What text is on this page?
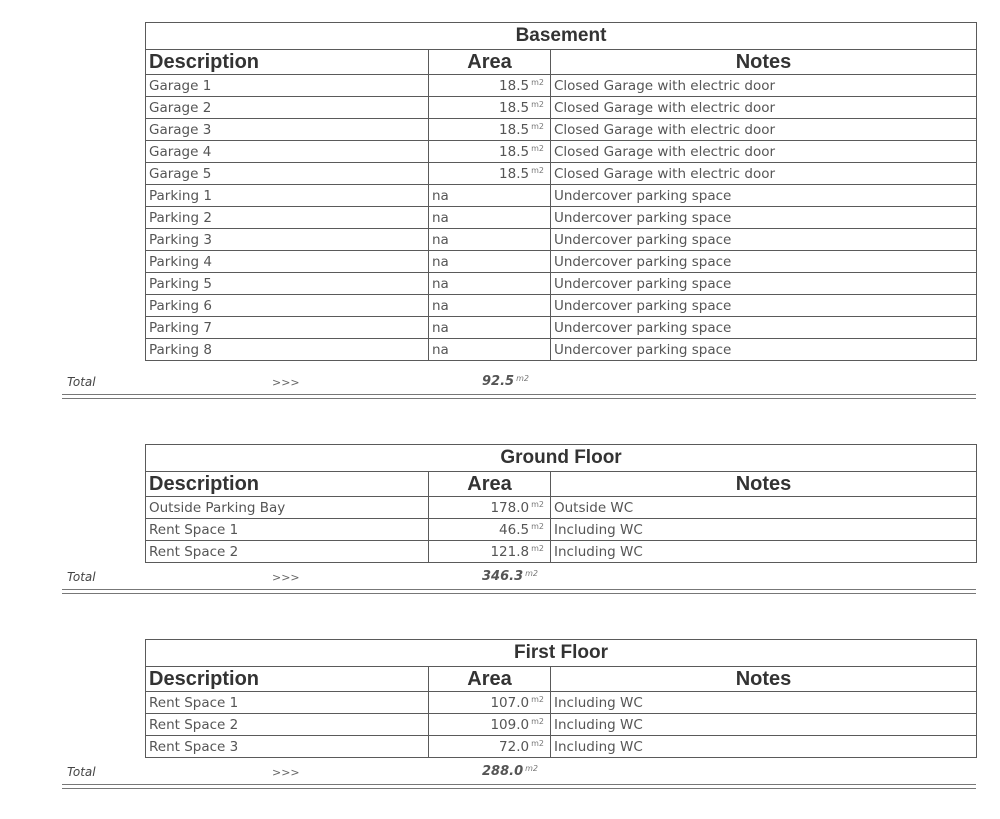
Basement		
Description	Area	Notes
Garage 1	18.5 $^{m2}$	Closed Garage with electric door
Garage 2	18.5 $^{m2}$	Closed Garage with electric door
Garage 3	18.5 $^{m2}$	Closed Garage with electric door
Garage 4	18.5 $^{m2}$	Closed Garage with electric door
Garage 5	18.5 $^{m2}$	Closed Garage with electric door
Parking 1	na	Undercover parking space
Parking 2	na	Undercover parking space
Parking 3	na	Undercover parking space
Parking 4	na	Undercover parking space
Parking 5	na	Undercover parking space
Parking 6	na	Undercover parking space
Parking 7	na	Undercover parking space
Parking 8	na	Undercover parking space
Total	>>>	92.5 $^{m2}$
Ground Floor		
Description	Area	Notes
Outside Parking Bay	178.0 $^{m2}$	Outside WC
Rent Space 1	46.5 $^{m2}$	Including WC
Rent Space 2	121.8 $^{m2}$	Including WC
Total	>>>	346.3 $^{m2}$
First Floor		
Description	Area	Notes
Rent Space 1	107.0 $^{m2}$	Including WC
Rent Space 2	109.0 $^{m2}$	Including WC
Rent Space 3	72.0 $^{m2}$	Including WC
Total	>>>	288.0 $^{m2}$
